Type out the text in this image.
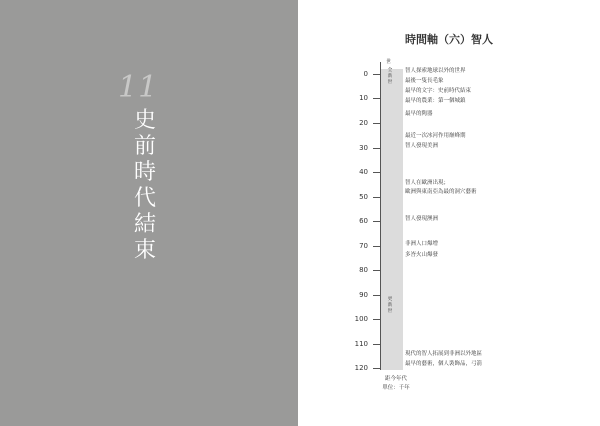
11
史前時代結束
時間軸（六）智人
世
全新世
更新世
0
10
20
30
40
50
60
70
80
90
100
110
120
智人探索地球以外的世界
最後一隻長毛象
最早的文字：史前時代結束
最早的農業：第一個城鎮
最早的陶器
最近一次冰河作用巔峰期
智人發現美洲
智人在歐洲出現；
歐洲與東南亞為最的洞穴藝術
智人發現澳洲
非洲人口爆增
多峇火山爆發
現代的智人拓展到非洲以外地區
最早的藝術，個人裝飾品，弓箭
距今年代
單位：千年
